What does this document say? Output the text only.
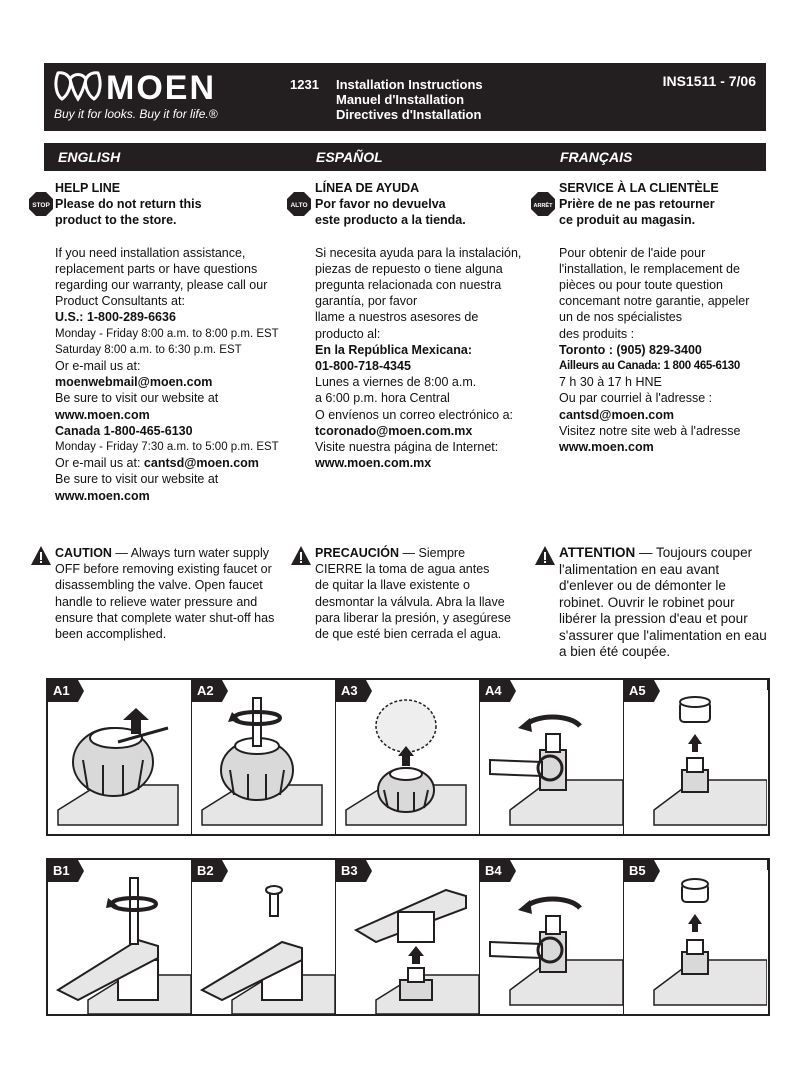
MOEN
Buy it for looks. Buy it for life.®
1231 Installation Instructions
Manuel d'Installation
Directives d'Installation
INS1511 - 7/06
ENGLISH	ESPAÑOL	FRANÇAIS
STOP	ALTO	ARRÊT

HELP LINE

Please do not return this

product to the store.

If you need installation assistance,

replacement parts or have questions

regarding our warranty, please call our

Product Consultants at:

U.S.: 1-800-289-6636

Monday - Friday 8:00 a.m. to 8:00 p.m. EST

Saturday 8:00 a.m. to 6:30 p.m. EST

Or e-mail us at:

moenwebmail@moen.com

Be sure to visit our website at

www.moen.com

Canada 1-800-465-6130

Monday - Friday 7:30 a.m. to 5:00 p.m. EST

Or e-mail us at: cantsd@moen.com

Be sure to visit our website at

www.moen.com

LÍNEA DE AYUDA

Por favor no devuelva

este producto a la tienda.

Si necesita ayuda para la instalación,

piezas de repuesto o tiene alguna

pregunta relacionada con nuestra

garantía, por favor

llame a nuestros asesores de

producto al:

En la República Mexicana:

01-800-718-4345

Lunes a viernes de 8:00 a.m.

a 6:00 p.m. hora Central

O envíenos un correo electrónico a:

tcoronado@moen.com.mx

Visite nuestra página de Internet:

www.moen.com.mx

SERVICE À LA CLIENTÈLE

Prière de ne pas retourner

ce produit au magasin.

Pour obtenir de l'aide pour

l'installation, le remplacement de

pièces ou pour toute question

concemant notre garantie, appeler

un de nos spécialistes

des produits :

Toronto : (905) 829-3400

Ailleurs au Canada: 1 800 465-6130

7 h 30 à 17 h HNE

Ou par courriel à l'adresse :

cantsd@moen.com

Visitez notre site web à l'adresse

www.moen.com

CAUTION — Always turn water supply

OFF before removing existing faucet or

disassembling the valve. Open faucet

handle to relieve water pressure and

ensure that complete water shut-off has

been accomplished.

PRECAUCIÓN — Siempre

CIERRE la toma de agua antes

de quitar la llave existente o

desmontar la válvula. Abra la llave

para liberar la presión, y asegúrese

de que esté bien cerrada el agua.

ATTENTION — Toujours couper

l'alimentation en eau avant

d'enlever ou de démonter le

robinet. Ouvrir le robinet pour

libérer la pression d'eau et pour

s'assurer que l'alimentation en eau

a bien été coupée.

A1	A2	A3	A4	A5
B1	B2	B3	B4	B5
